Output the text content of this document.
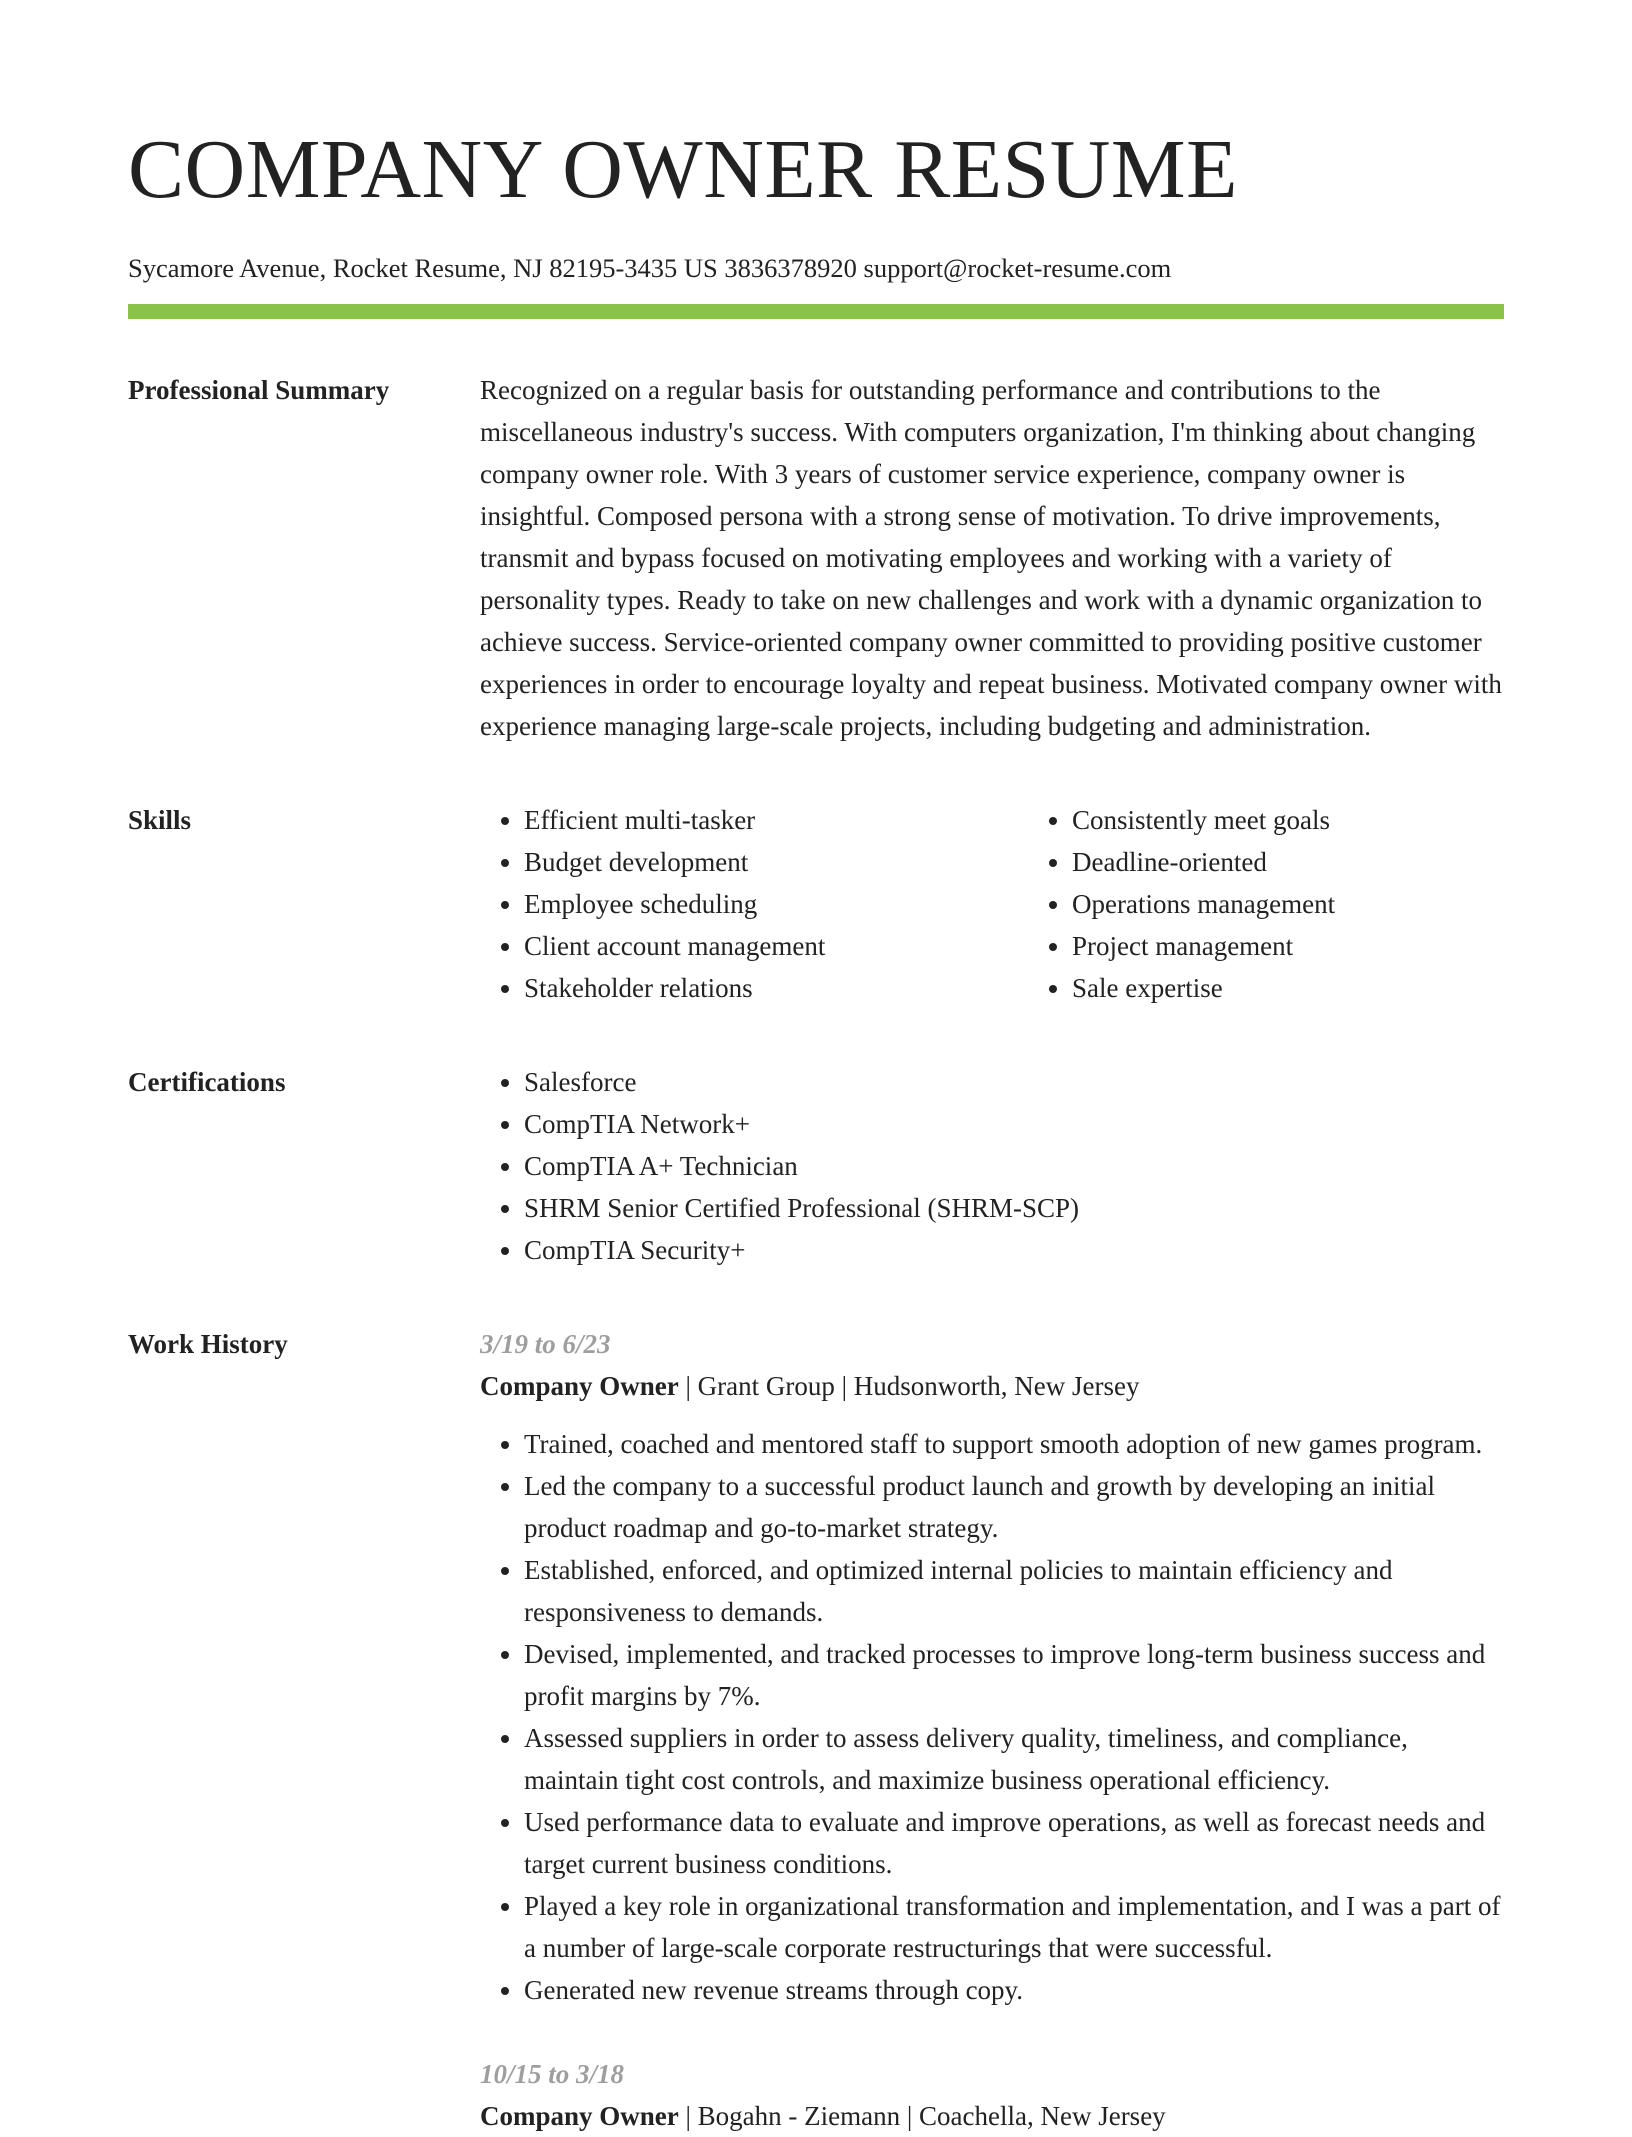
COMPANY OWNER RESUME
Sycamore Avenue, Rocket Resume, NJ 82195-3435 US 3836378920 support@rocket-resume.com
Professional Summary	Recognized on a regular basis for outstanding performance and contributions to the miscellaneous industry's success. With computers organization, I'm thinking about changing company owner role. With 3 years of customer service experience, company owner is insightful. Composed persona with a strong sense of motivation. To drive improvements, transmit and bypass focused on motivating employees and working with a variety of personality types. Ready to take on new challenges and work with a dynamic organization to achieve success. Service-oriented company owner committed to providing positive customer experiences in order to encourage loyalty and repeat business. Motivated company owner with experience managing large-scale projects, including budgeting and administration.

Skills	• Efficient multi-tasker
• Budget development
• Employee scheduling
• Client account management
• Stakeholder relations
• Consistently meet goals
• Deadline-oriented
• Operations management
• Project management
• Sale expertise
Certifications	• Salesforce
• CompTIA Network+
• CompTIA A+ Technician
• SHRM Senior Certified Professional (SHRM-SCP)
• CompTIA Security+
Work History	3/19 to 6/23
Company Owner | Grant Group | Hudsonworth, New Jersey
• Trained, coached and mentored staff to support smooth adoption of new games program.
• Led the company to a successful product launch and growth by developing an initial product roadmap and go-to-market strategy.
• Established, enforced, and optimized internal policies to maintain efficiency and responsiveness to demands.
• Devised, implemented, and tracked processes to improve long-term business success and profit margins by 7%.
• Assessed suppliers in order to assess delivery quality, timeliness, and compliance, maintain tight cost controls, and maximize business operational efficiency.
• Used performance data to evaluate and improve operations, as well as forecast needs and target current business conditions.
• Played a key role in organizational transformation and implementation, and I was a part of a number of large-scale corporate restructurings that were successful.
• Generated new revenue streams through copy.
10/15 to 3/18
Company Owner | Bogahn - Ziemann | Coachella, New Jersey
